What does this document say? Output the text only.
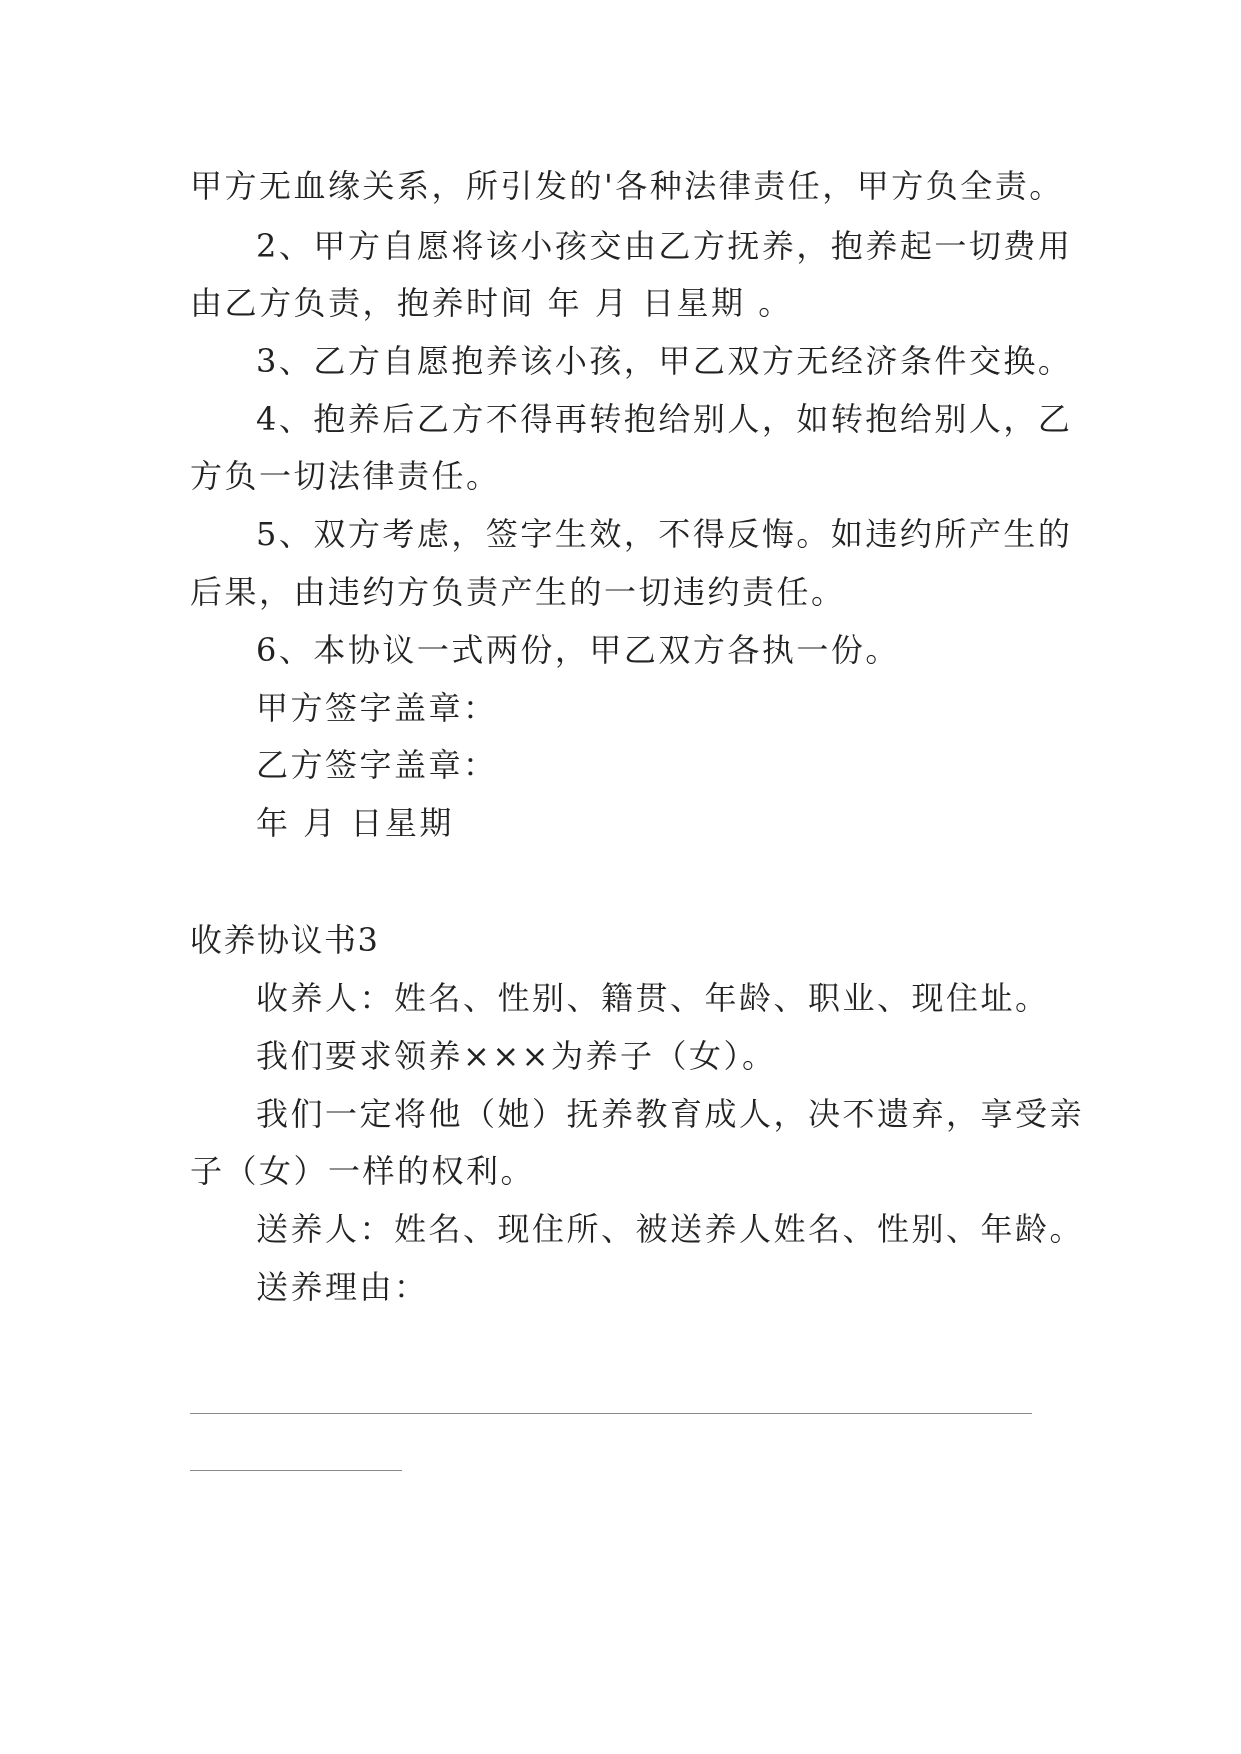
甲方无血缘关系，所引发的'各种法律责任，甲方负全责。
2、甲方自愿将该小孩交由乙方抚养，抱养起一切费用
由乙方负责，抱养时间 年 月 日星期 。
3、乙方自愿抱养该小孩，甲乙双方无经济条件交换。
4、抱养后乙方不得再转抱给别人，如转抱给别人，乙
方负一切法律责任。
5、双方考虑，签字生效，不得反悔。如违约所产生的
后果，由违约方负责产生的一切违约责任。
6、本协议一式两份，甲乙双方各执一份。
甲方签字盖章：
乙方签字盖章：
年 月 日星期
收养协议书3
收养人：姓名、性别、籍贯、年龄、职业、现住址。
我们要求领养×××为养子（女）。
我们一定将他（她）抚养教育成人，决不遗弃，享受亲
子（女）一样的权利。
送养人：姓名、现住所、被送养人姓名、性别、年龄。
送养理由：
